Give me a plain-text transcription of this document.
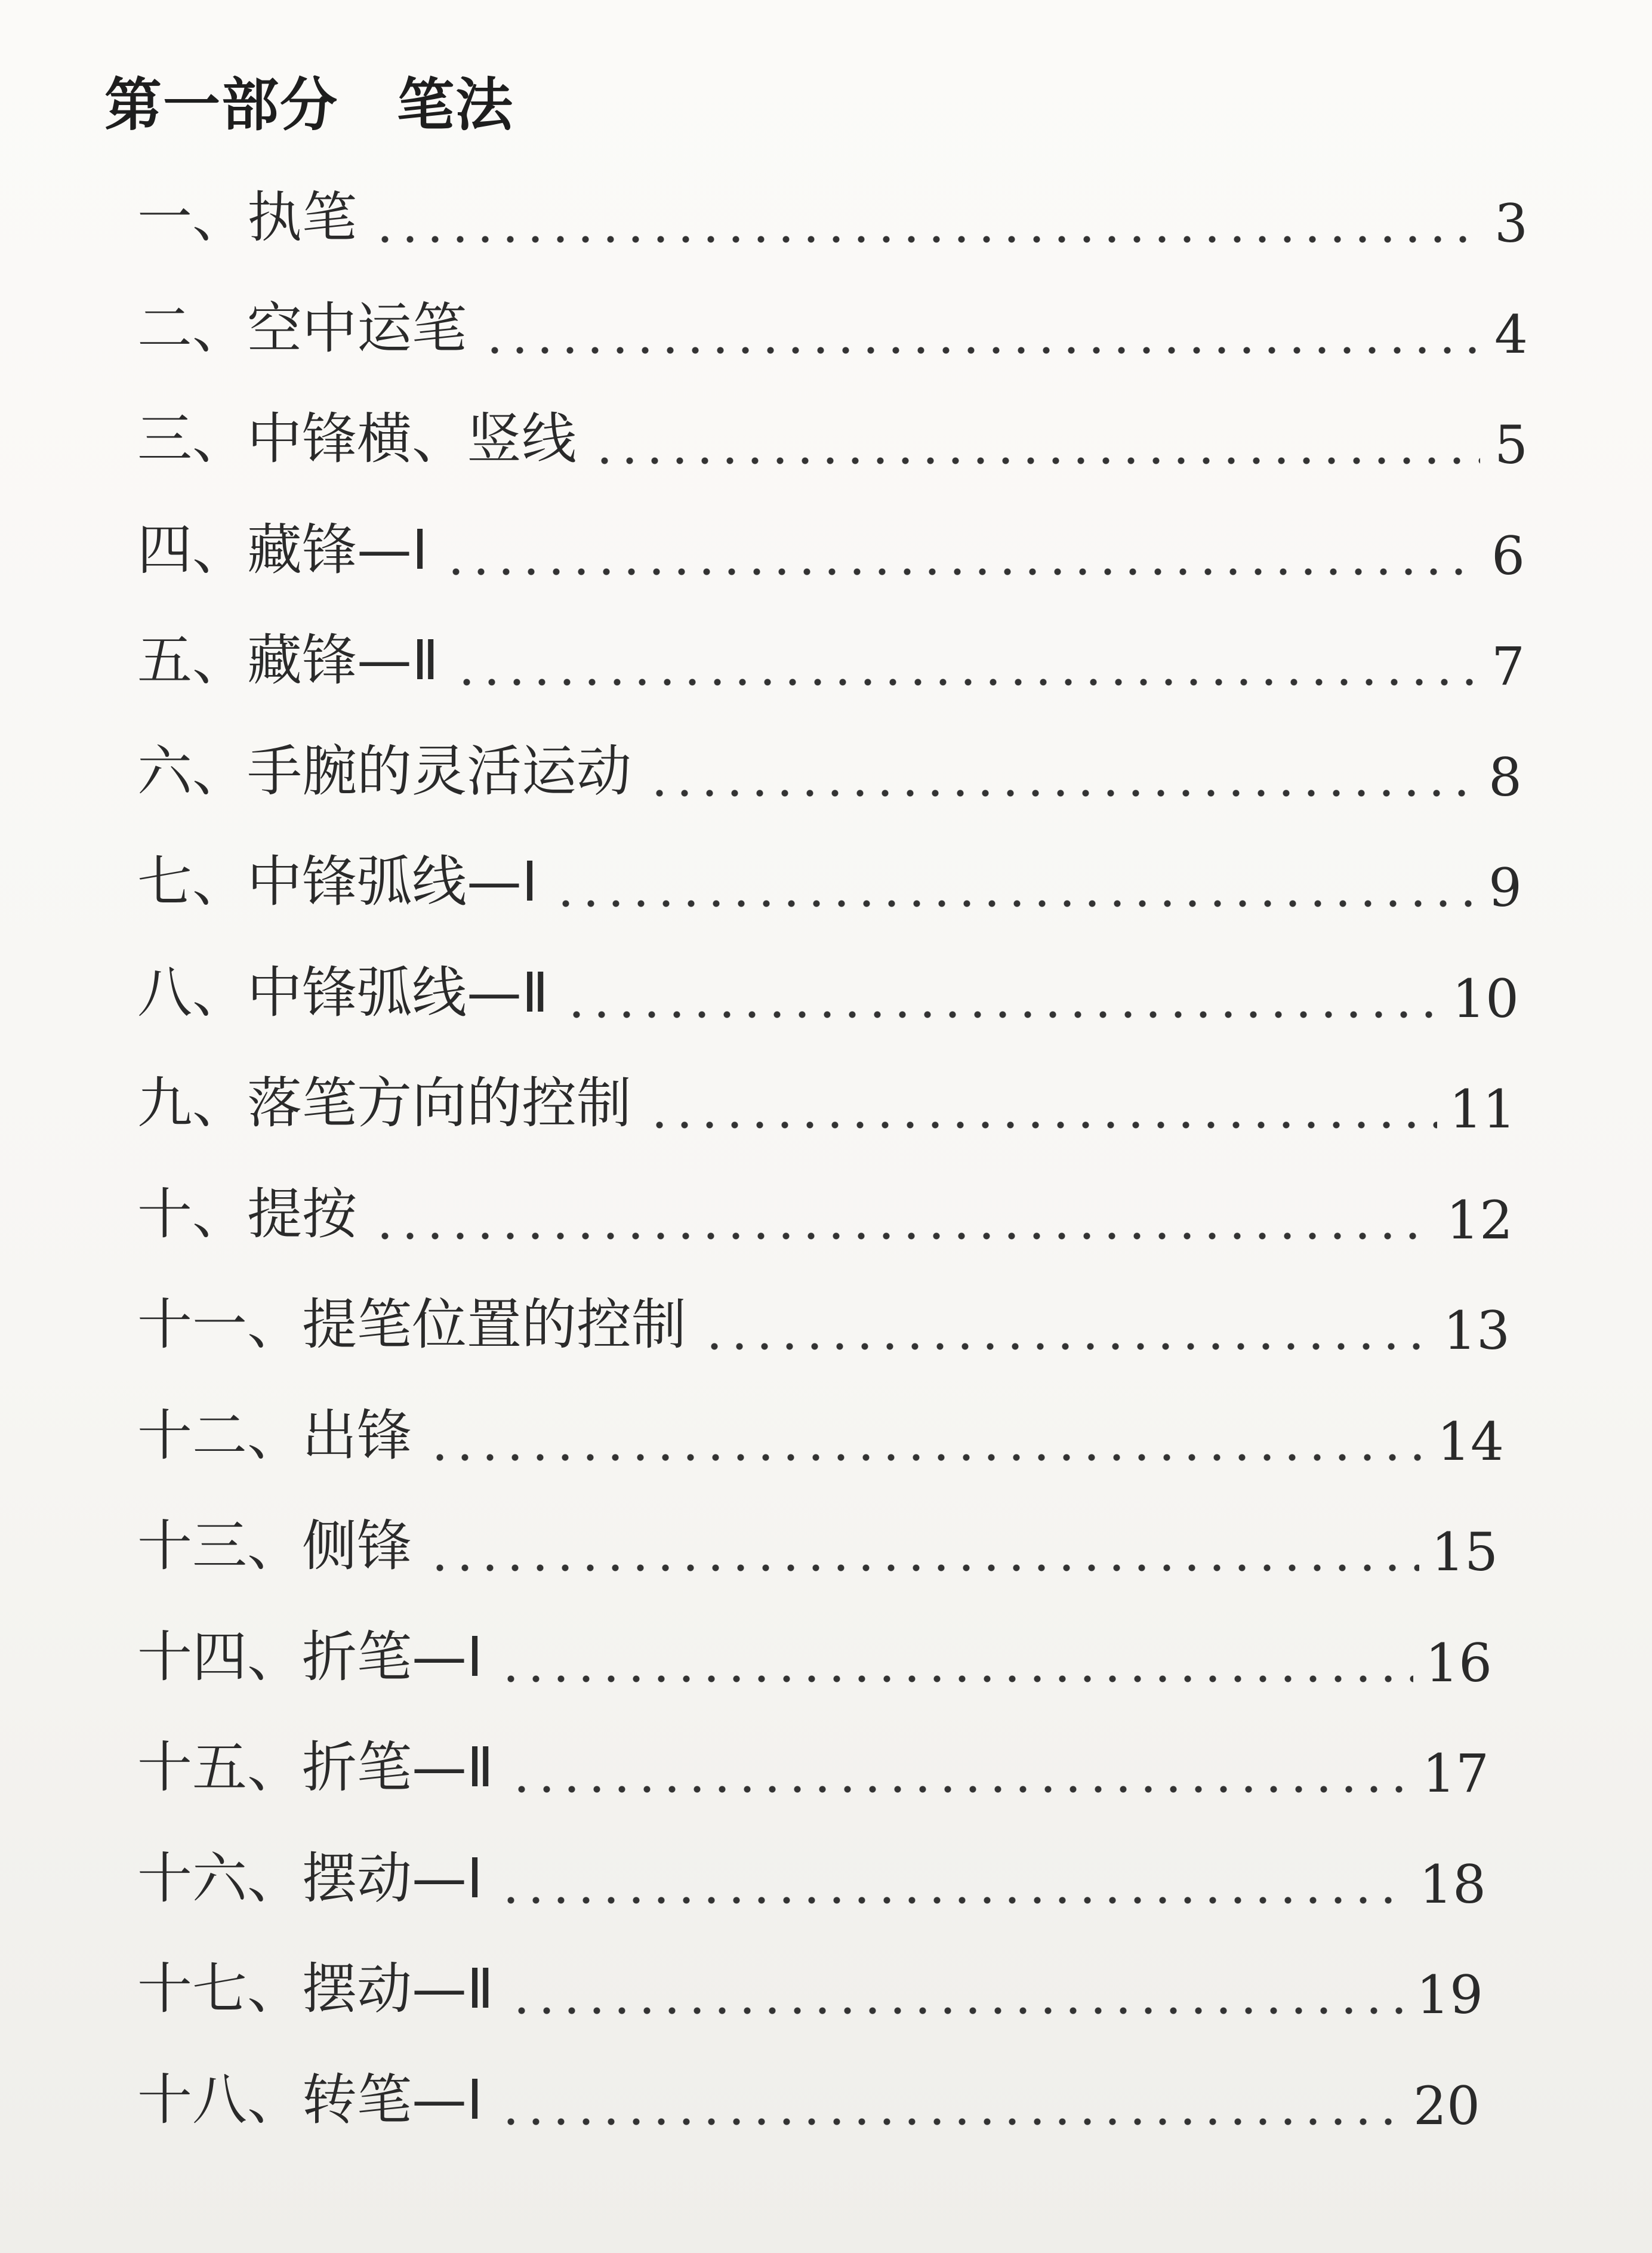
第一部分　笔法
一、执笔	3
二、空中运笔	4
三、中锋横、竖线	5
四、藏锋—Ⅰ	6
五、藏锋—Ⅱ	7
六、手腕的灵活运动	8
七、中锋弧线—Ⅰ	9
八、中锋弧线—Ⅱ	10
九、落笔方向的控制	11
十、提按	12
十一、提笔位置的控制	13
十二、出锋	14
十三、侧锋	15
十四、折笔—Ⅰ	16
十五、折笔—Ⅱ	17
十六、摆动—Ⅰ	18
十七、摆动—Ⅱ	19
十八、转笔—Ⅰ	20
